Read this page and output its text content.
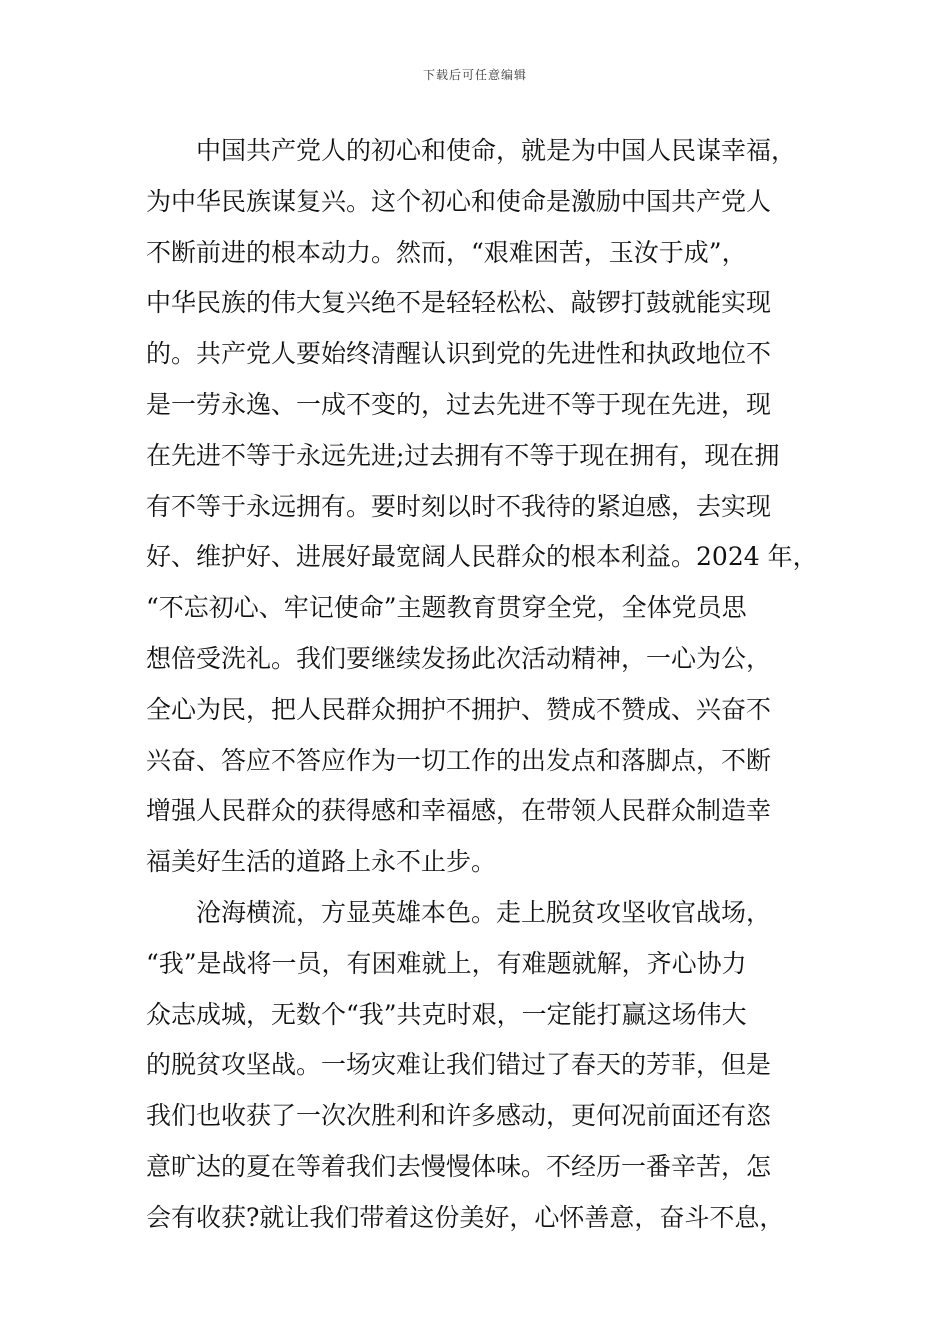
下载后可任意编辑
中国共产党人的初心和使命，就是为中国人民谋幸福，
为中华民族谋复兴。这个初心和使命是激励中国共产党人
不断前进的根本动力。然而，“艰难困苦，玉汝于成”，
中华民族的伟大复兴绝不是轻轻松松、敲锣打鼓就能实现
的。共产党人要始终清醒认识到党的先进性和执政地位不
是一劳永逸、一成不变的，过去先进不等于现在先进，现
在先进不等于永远先进;过去拥有不等于现在拥有，现在拥
有不等于永远拥有。要时刻以时不我待的紧迫感，去实现
好、维护好、进展好最宽阔人民群众的根本利益。2024 年，
“不忘初心、牢记使命”主题教育贯穿全党，全体党员思
想倍受洗礼。我们要继续发扬此次活动精神，一心为公，
全心为民，把人民群众拥护不拥护、赞成不赞成、兴奋不
兴奋、答应不答应作为一切工作的出发点和落脚点，不断
增强人民群众的获得感和幸福感，在带领人民群众制造幸
福美好生活的道路上永不止步。
沧海横流，方显英雄本色。走上脱贫攻坚收官战场，
“我”是战将一员，有困难就上，有难题就解，齐心协力
众志成城，无数个“我”共克时艰，一定能打赢这场伟大
的脱贫攻坚战。一场灾难让我们错过了春天的芳菲，但是
我们也收获了一次次胜利和许多感动，更何况前面还有恣
意旷达的夏在等着我们去慢慢体味。不经历一番辛苦，怎
会有收获?就让我们带着这份美好，心怀善意，奋斗不息，
